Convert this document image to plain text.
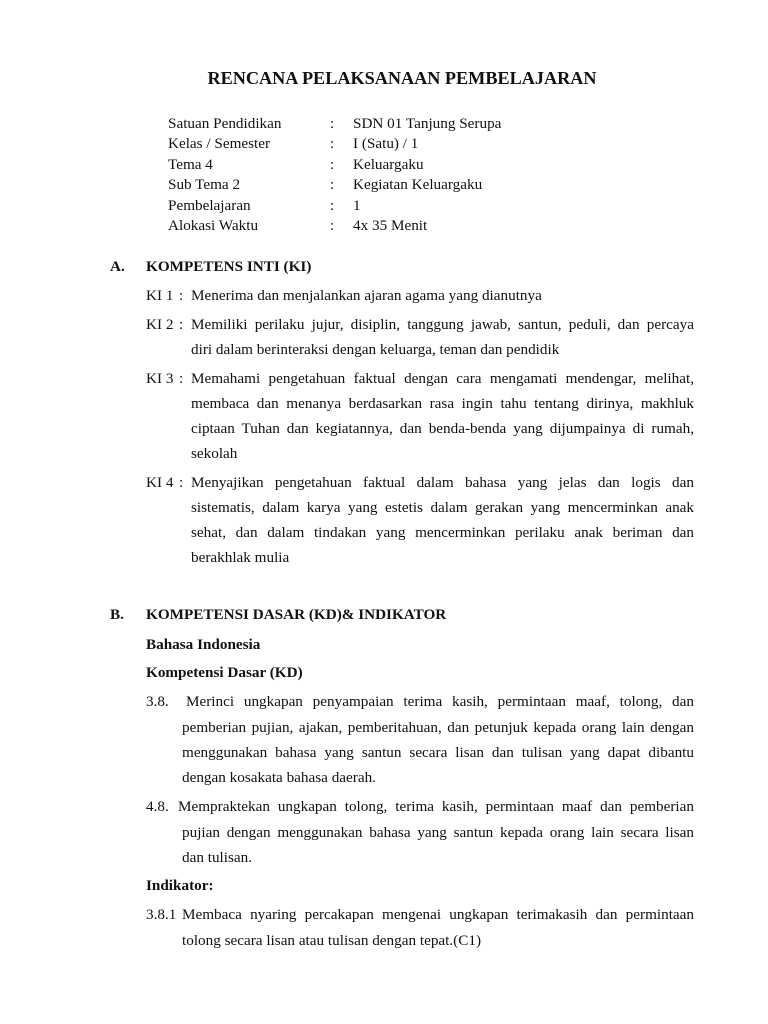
RENCANA PELAKSANAAN PEMBELAJARAN
Satuan Pendidikan	: SDN 01 Tanjung Serupa
Kelas / Semester	: I (Satu) / 1
Tema 4	: Keluargaku
Sub Tema 2	: Kegiatan Keluargaku
Pembelajaran	: 1
Alokasi Waktu	: 4x 35 Menit
A. KOMPETENS INTI (KI)
KI 1 : Menerima dan menjalankan ajaran agama yang dianutnya
KI 2 : Memiliki perilaku jujur, disiplin, tanggung jawab, santun, peduli, dan percaya
diri dalam berinteraksi dengan keluarga, teman dan pendidik
KI 3 : Memahami pengetahuan faktual dengan cara mengamati mendengar, melihat,
membaca dan menanya berdasarkan rasa ingin tahu tentang dirinya, makhluk
ciptaan Tuhan dan kegiatannya, dan benda-benda yang dijumpainya di rumah,
sekolah
KI 4 : Menyajikan pengetahuan faktual dalam bahasa yang jelas dan logis dan
sistematis, dalam karya yang estetis dalam gerakan yang mencerminkan anak
sehat, dan dalam tindakan yang mencerminkan perilaku anak beriman dan
berakhlak mulia
B. KOMPETENSI DASAR (KD)& INDIKATOR
Bahasa Indonesia
Kompetensi Dasar (KD)
3.8.	Merinci ungkapan penyampaian terima kasih, permintaan maaf, tolong, dan
pemberian pujian, ajakan, pemberitahuan, dan petunjuk kepada orang lain dengan
menggunakan bahasa yang santun secara lisan dan tulisan yang dapat dibantu
dengan kosakata bahasa daerah.
4.8. Mempraktekan ungkapan tolong, terima kasih, permintaan maaf dan pemberian
pujian dengan menggunakan bahasa yang santun kepada orang lain secara lisan
dan tulisan.
Indikator:
3.8.1 Membaca nyaring percakapan mengenai ungkapan terimakasih dan permintaan
tolong secara lisan atau tulisan dengan tepat.(C1)
